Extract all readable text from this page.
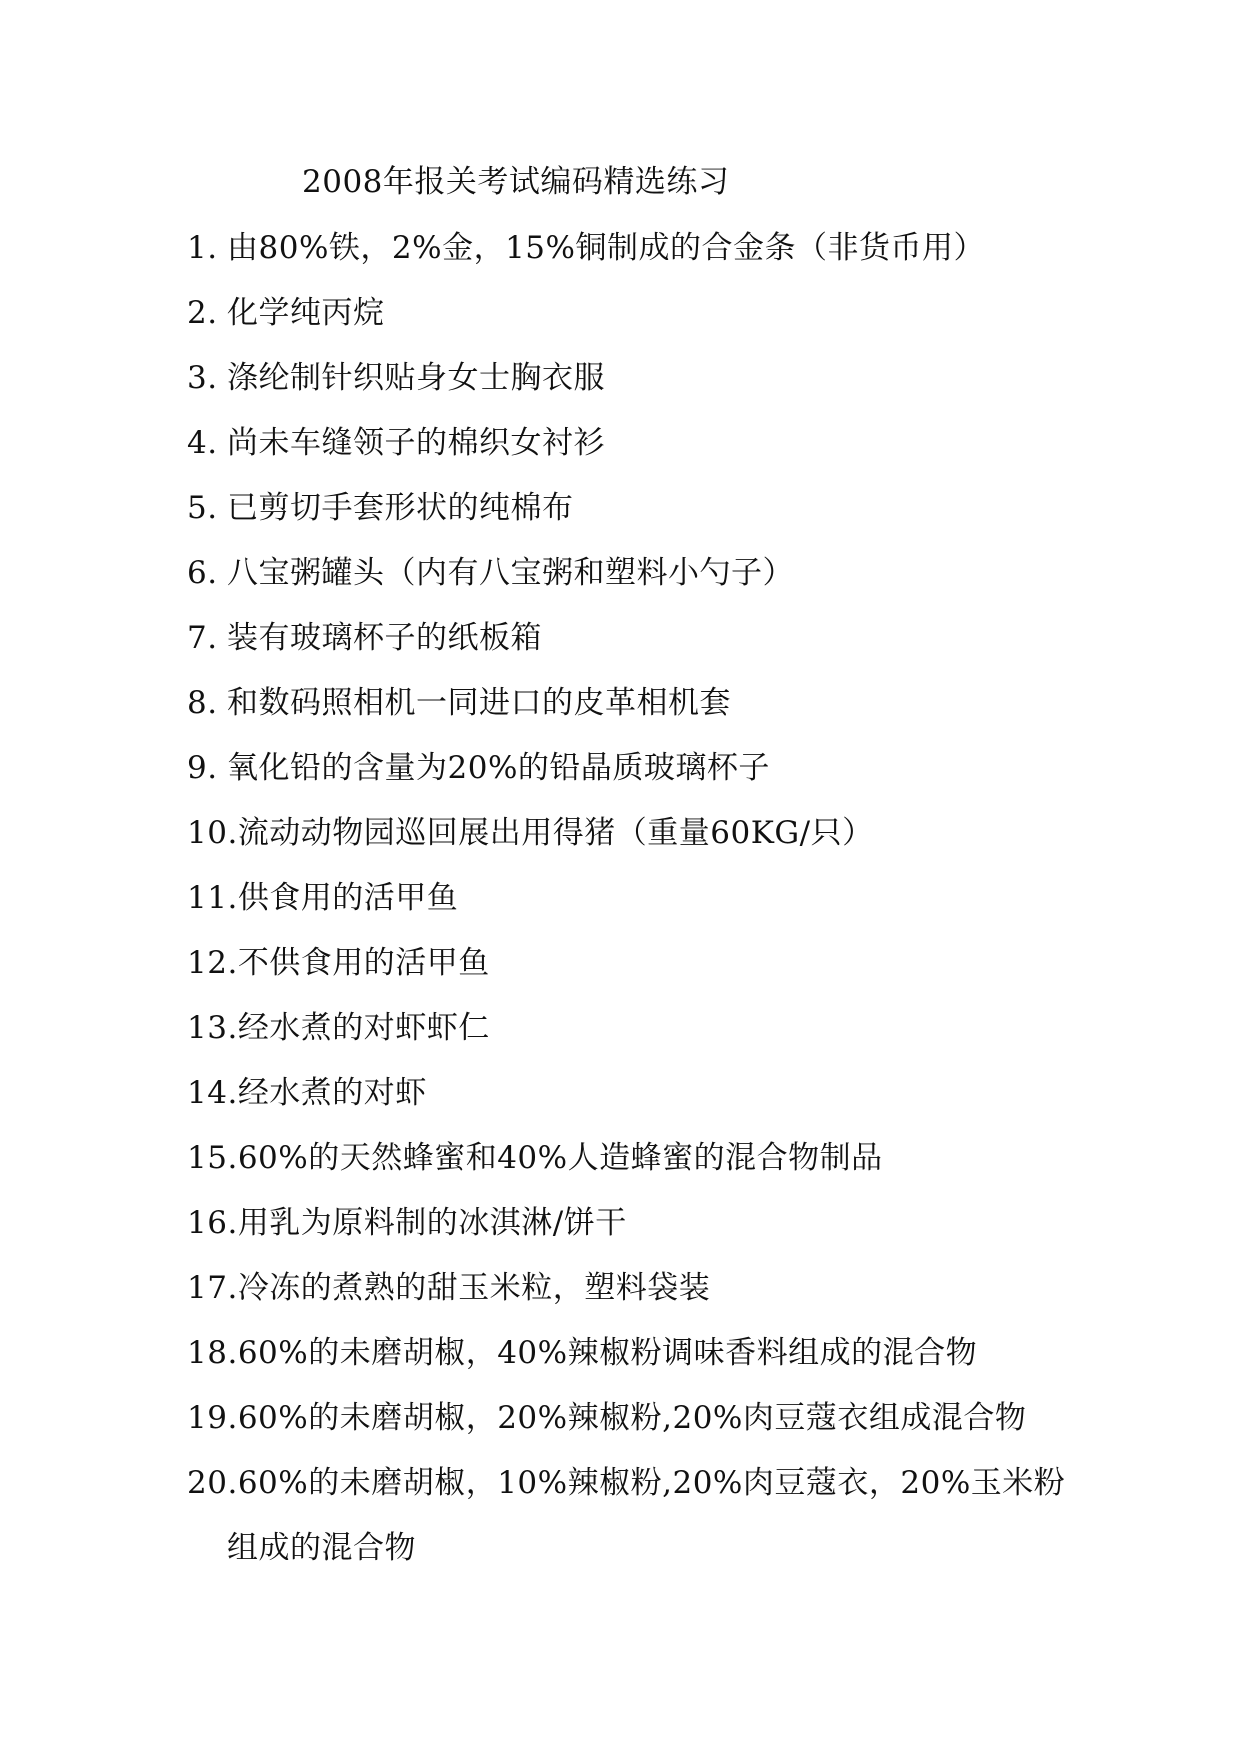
2008年报关考试编码精选练习
1. 由80%铁，2%金，15%铜制成的合金条（非货币用）
2. 化学纯丙烷
3. 涤纶制针织贴身女士胸衣服
4. 尚未车缝领子的棉织女衬衫
5. 已剪切手套形状的纯棉布
6. 八宝粥罐头（内有八宝粥和塑料小勺子）
7. 装有玻璃杯子的纸板箱
8. 和数码照相机一同进口的皮革相机套
9. 氧化铅的含量为20%的铅晶质玻璃杯子
10. 流动动物园巡回展出用得猪（重量60KG/只）
11. 供食用的活甲鱼
12. 不供食用的活甲鱼
13. 经水煮的对虾虾仁
14. 经水煮的对虾
15. 60%的天然蜂蜜和40%人造蜂蜜的混合物制品
16. 用乳为原料制的冰淇淋/饼干
17. 冷冻的煮熟的甜玉米粒，塑料袋装
18. 60%的未磨胡椒，40%辣椒粉调味香料组成的混合物
19. 60%的未磨胡椒，20%辣椒粉,20%肉豆蔻衣组成混合物
20. 60%的未磨胡椒，10%辣椒粉,20%肉豆蔻衣，20%玉米粉
组成的混合物
